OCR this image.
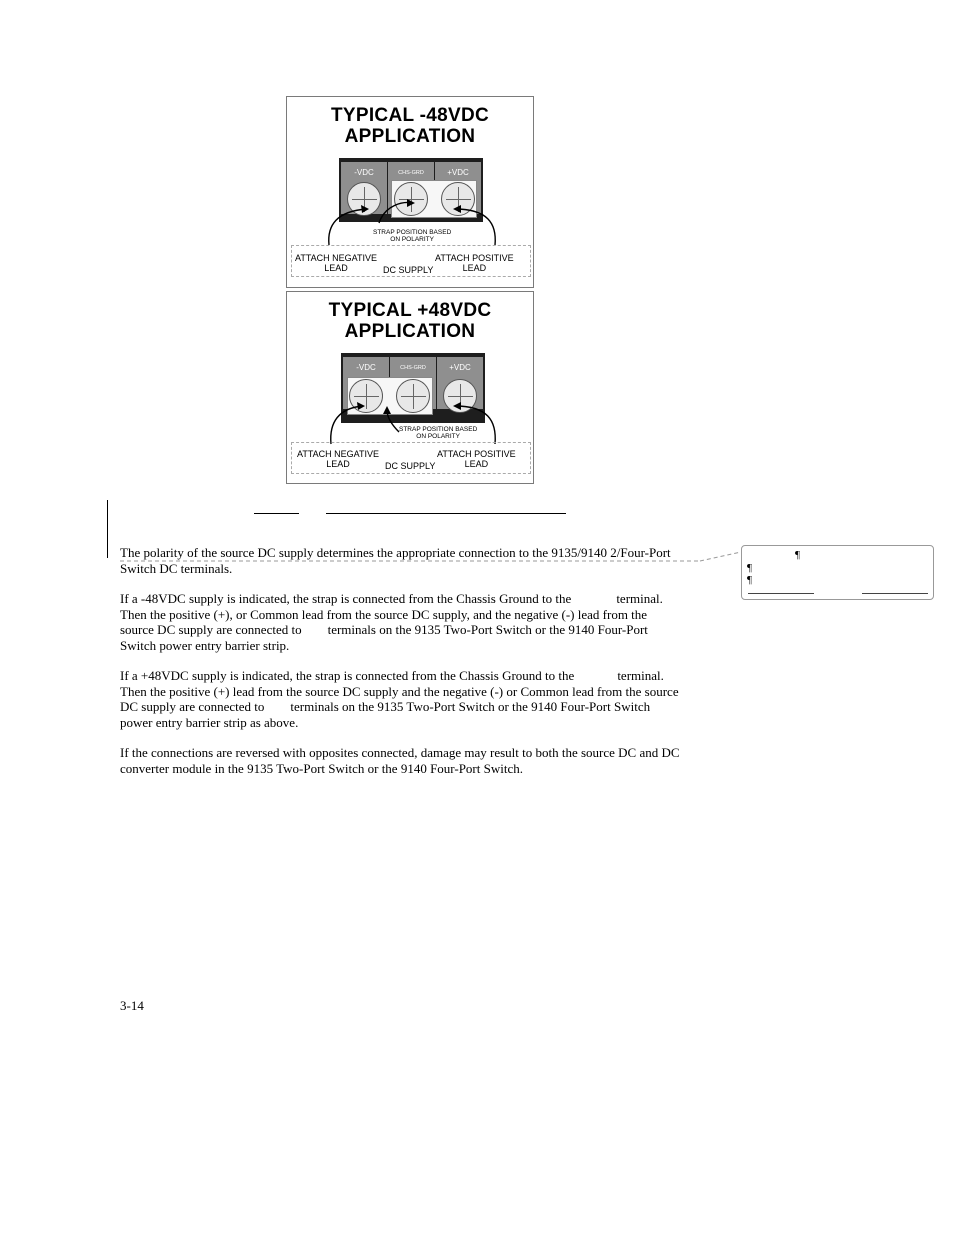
TYPICAL -48VDC
APPLICATION
-VDC	CHS-GRD	+VDC
STRAP POSITION BASED
ON POLARITY
ATTACH NEGATIVE
LEAD
ATTACH POSITIVE
LEAD
DC SUPPLY
TYPICAL +48VDC
APPLICATION
-VDC	CHS-GRD	+VDC
STRAP POSITION BASED
ON POLARITY
ATTACH NEGATIVE
LEAD
ATTACH POSITIVE
LEAD
DC SUPPLY
¶
¶
¶
The polarity of the source DC supply determines the appropriate connection to the 9135/9140 2/Four-Port
Switch DC terminals.
If a -48VDC supply is indicated, the strap is connected from the Chassis Ground to the	terminal.
Then the positive (+), or Common lead from the source DC supply, and the negative (-) lead from the
source DC supply are connected to terminals on the 9135 Two-Port Switch or the 9140 Four-Port
Switch power entry barrier strip.
If a +48VDC supply is indicated, the strap is connected from the Chassis Ground to the	terminal.
Then the positive (+) lead from the source DC supply and the negative (-) or Common lead from the source
DC supply are connected to terminals on the 9135 Two-Port Switch or the 9140 Four-Port Switch
power entry barrier strip as above.
If the connections are reversed with opposites connected, damage may result to both the source DC and DC
converter module in the 9135 Two-Port Switch or the 9140 Four-Port Switch.
3-14
